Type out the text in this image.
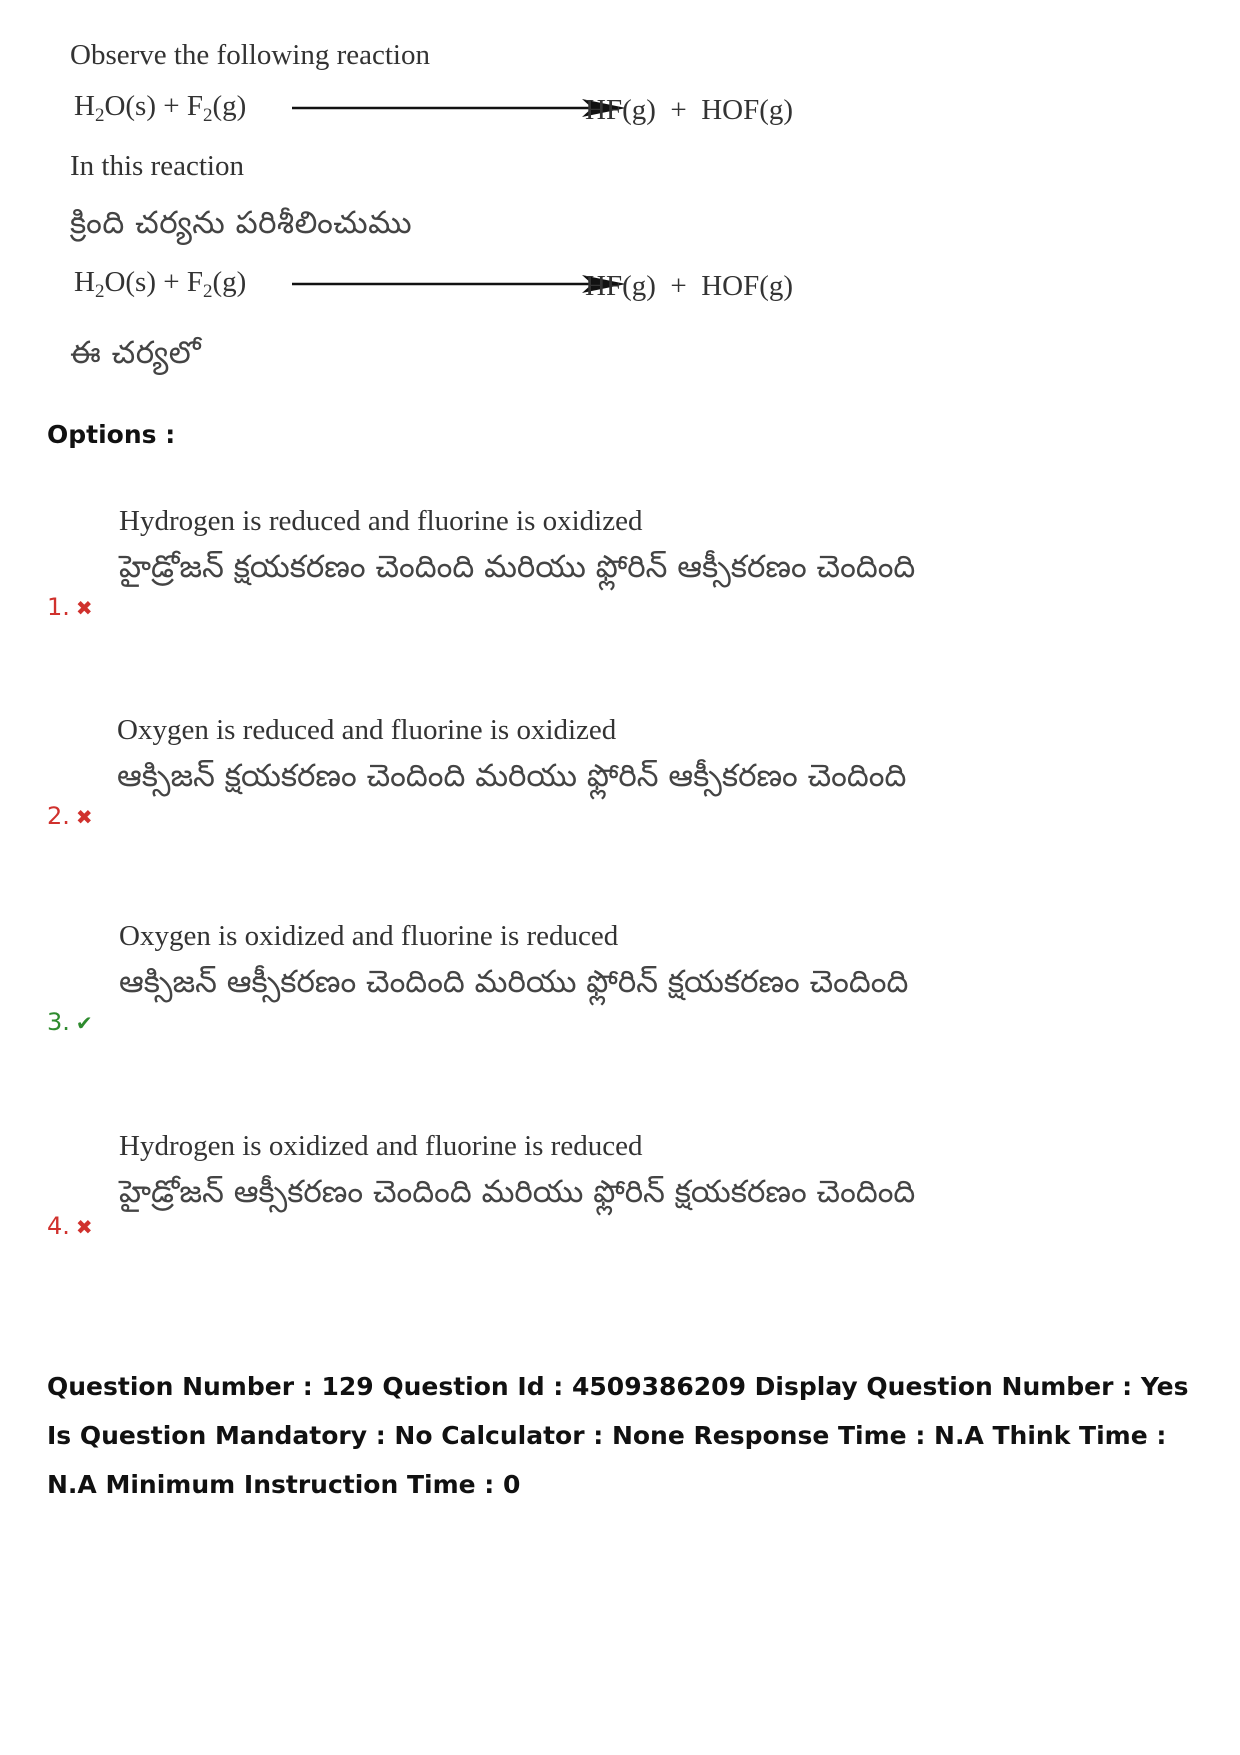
Observe the following reaction

$H_2O(s) + F_2(g)$	HF(g)  +  HOF(g)

In this reaction

క్రింది చర్యను పరిశీలించుము

$H_2O(s) + F_2(g)$	HF(g)  +  HOF(g)

ఈ చర్యలో

Options :
Hydrogen is reduced and fluorine is oxidized
హైడ్రోజన్ క్షయకరణం చెందింది మరియు ఫ్లోరిన్ ఆక్సీకరణం చెందింది
1. ✖
Oxygen is reduced and fluorine is oxidized
ఆక్సిజన్ క్షయకరణం చెందింది మరియు ఫ్లోరిన్ ఆక్సీకరణం చెందింది
2. ✖
Oxygen is oxidized and fluorine is reduced
ఆక్సిజన్ ఆక్సీకరణం చెందింది మరియు ఫ్లోరిన్ క్షయకరణం చెందింది
3. ✔
Hydrogen is oxidized and fluorine is reduced
హైడ్రోజన్ ఆక్సీకరణం చెందింది మరియు ఫ్లోరిన్ క్షయకరణం చెందింది
4. ✖
Question Number : 129 Question Id : 4509386209 Display Question Number : Yes Is Question Mandatory : No Calculator : None Response Time : N.A Think Time : N.A Minimum Instruction Time : 0
